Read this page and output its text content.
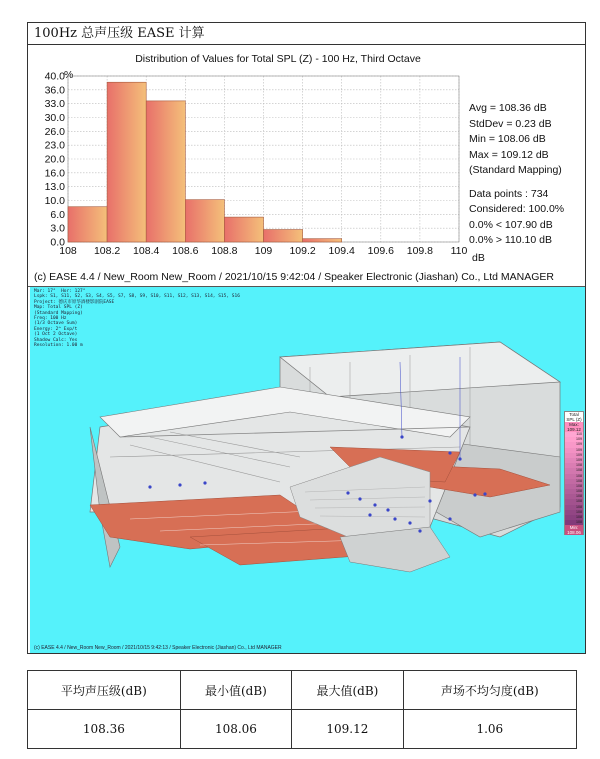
100Hz 总声压级 EASE 计算
Distribution of Values for Total SPL (Z) - 100 Hz, Third Octave
%
dB
40.0
36.0
33.0
30.0
26.0
23.0
20.0
16.0
13.0
10.0
6.0
3.0
0.0
108 108.2 108.4 108.6 108.8 109 109.2 109.4 109.6 109.8 110
Avg = 108.36 dB
StdDev = 0.23 dB
Min = 108.06 dB
Max = 109.12 dB
(Standard Mapping)
Data points : 734
Considered: 100.0%
0.0% < 107.90 dB
0.0% > 110.10 dB
(c) EASE 4.4 / New_Room New_Room / 2021/10/15 9:42:04 / Speaker Electronic (Jiashan) Co., Ltd MANAGER
Mar: 17°  Hor: 127°
Lspk: S1, S11, S2, S3, S4, S5, S7, S8, S9, S10, S11, S12, S13, S14, S15, S16
Project: 德庆市原华酒楼影剧院EASE
Map: Total SPL (Z)
(Standard Mapping)
Freq: 100 Hz
(1/3 Octave Sum)
Energy: 2^ Exp/t
(1 Oct 2 Octave)
Shadow Calc: Yes
Resolution: 1.00 m
Total SPL (Z)
Max: 109.12
110
109
109
109
109
109
108
108
108
108
108
108
108
108
108
108
108
108
Min: 108.06
(c) EASE 4.4 / New_Room New_Room / 2021/10/15 9:42:13 / Speaker Electronic (Jiashan) Co., Ltd MANAGER
平均声压级(dB)	最小值(dB)	最大值(dB)	声场不均匀度(dB)
108.36	108.06	109.12	1.06
